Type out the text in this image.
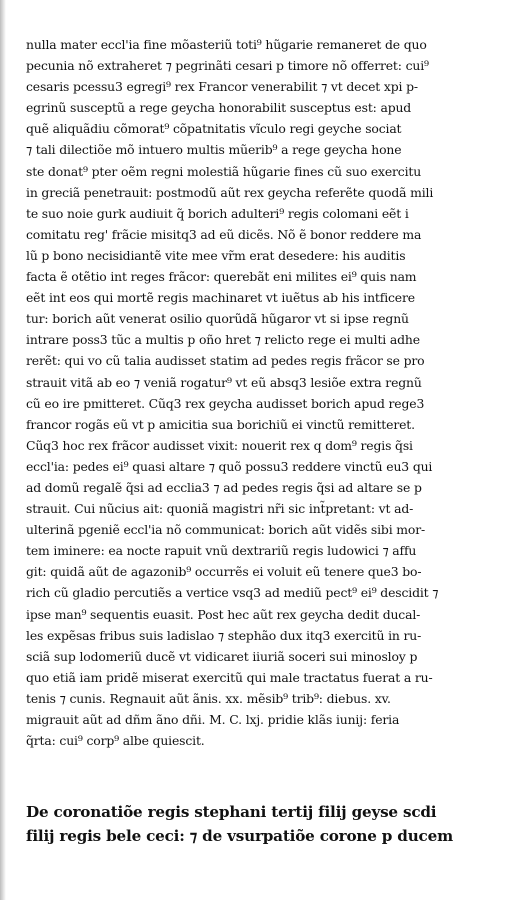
nulla mater eccl'ia fine mõasteriũ toti⁹ hũgarie remaneret de quo
pecunia nõ extraheret ⁊ pegrinãti cesari p timore nõ offerret: cui⁹
cesaris pcessu3 egregi⁹ rex Francor venerabilit ⁊ vt decet xpi p-
egrinũ susceptũ a rege geycha honorabilit susceptus est: apud
quẽ aliquãdiu cõmorat⁹ cõpatnitatis vĩculo regi geyche sociat
⁊ tali dilectiõe mõ intuero multis mũerib⁹ a rege geycha hone
ste donat⁹ pter oẽm regni molestiã hũgarie fines cũ suo exercitu
in greciã penetrauit: postmodũ aũt rex geycha referẽte quodã mili
te suo noie gurk audiuit q̃ borich adulteri⁹ regis colomani eẽt i
comitatu reg' frãcie misitq3 ad eũ dicẽs. Nõ ẽ bonor reddere ma
lũ p bono necisidiantẽ vite mee vr̃m erat desedere: his auditis
facta ẽ otẽtio int reges frãcor: querebãt eni milites ei⁹ quis nam
eẽt int eos qui mortẽ regis machinaret vt iuẽtus ab his intficere
tur: borich aũt venerat osilio quorũdã hũgaror vt si ipse regnũ
intrare poss3 tũc a multis p oño hret ⁊ relicto rege ei multi adhe
rerẽt: qui vo cũ talia audisset statim ad pedes regis frãcor se pro
strauit vitã ab eo ⁊ veniã rogatur⁹ vt eũ absq3 lesiõe extra regnũ
cũ eo ire pmitteret. Cũq3 rex geycha audisset borich apud rege3
francor rogãs eũ vt p amicitia sua borichiũ ei vinctũ remitteret.
Cũq3 hoc rex frãcor audisset vixit: nouerit rex q dom⁹ regis q̃si
eccl'ia: pedes ei⁹ quasi altare ⁊ quõ possu3 reddere vinctũ eu3 qui
ad domũ regalẽ q̃si ad ecclia3 ⁊ ad pedes regis q̃si ad altare se p
strauit. Cui nũcius ait: quoniã magistri nr̃i sic int̃pretant: vt ad-
ulterinã pgeniẽ eccl'ia nõ communicat: borich aũt vidẽs sibi mor-
tem iminere: ea nocte rapuit vnũ dextrariũ regis ludowici ⁊ affu
git: quidã aũt de agazonib⁹ occurrẽs ei voluit eũ tenere que3 bo-
rich cũ gladio percutiẽs a vertice vsq3 ad mediũ pect⁹ ei⁹ descidit ⁊
ipse man⁹ sequentis euasit. Post hec aũt rex geycha dedit ducal-
les expẽsas fribus suis ladislao ⁊ stephão dux itq3 exercitũ in ru-
sciã sup lodomeriũ ducẽ vt vidicaret iiuriã soceri sui minosloy p
quo etiã iam pridẽ miserat exercitũ qui male tractatus fuerat a ru-
tenis ⁊ cunis. Regnauit aũt ãnis. xx. mẽsib⁹ trib⁹: diebus. xv.
migrauit aũt ad dñm ãno dñi. M. C. lxj. pridie klãs iunij: feria
q̃rta: cui⁹ corp⁹ albe quiescit.
De coronatiõe regis stephani tertij filij geyse scdi
filij regis bele ceci: ⁊ de vsurpatiõe corone p ducem
